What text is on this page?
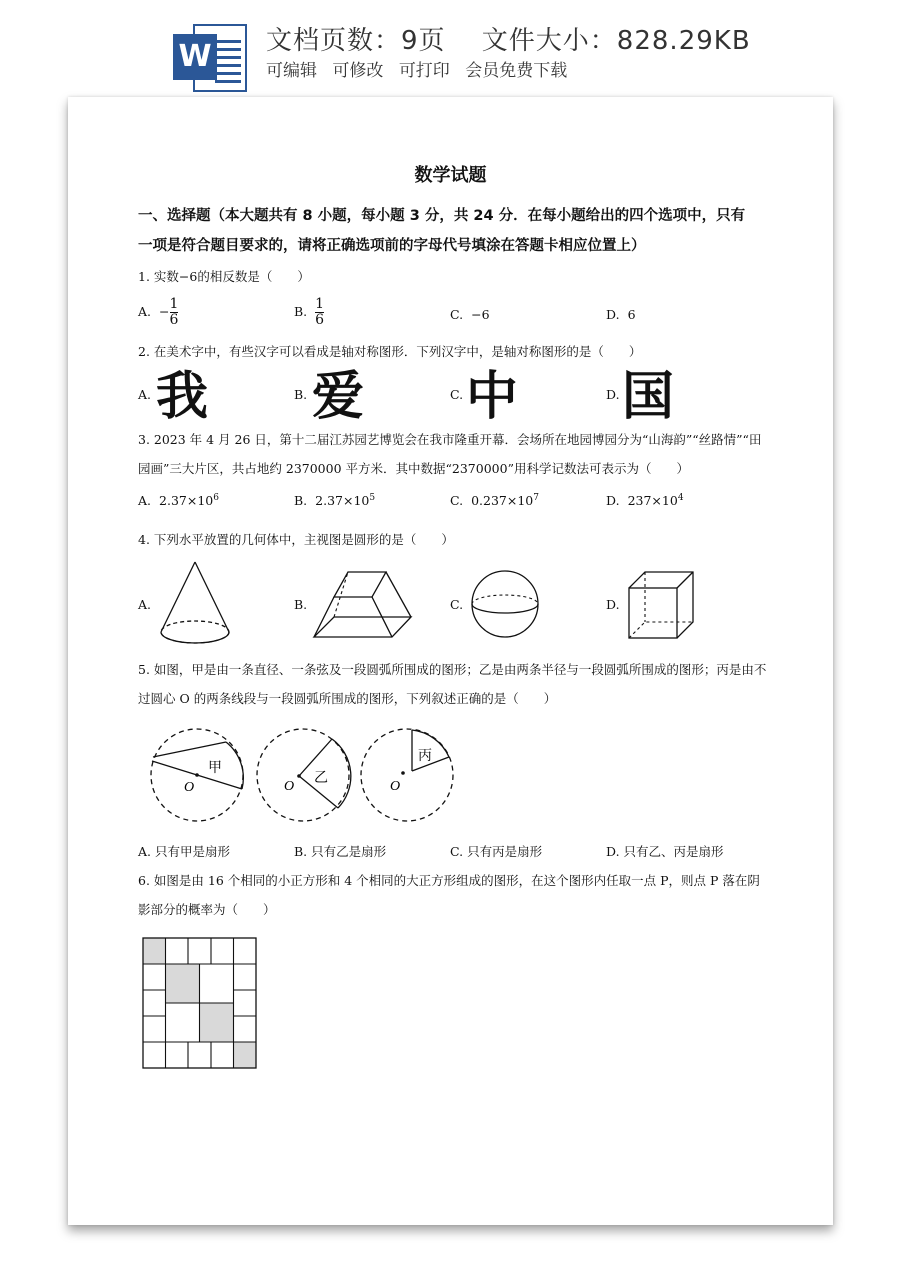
W 文档页数：9页　 文件大小：828.29KB
可编辑 可修改 可打印 会员免费下载
数学试题
一、选择题（本大题共有 8 小题，每小题 3 分，共 24 分．在每小题给出的四个选项中，只有一项是符合题目要求的，请将正确选项前的字母代号填涂在答题卡相应位置上）
1. 实数−6的相反数是（　　）
A. $-\frac{1}{6}$	B. $\frac{1}{6}$	C. −6	D. 6
2. 在美术字中，有些汉字可以看成是轴对称图形．下列汉字中，是轴对称图形的是（　　）
A. 我	B. 爱	C. 中	D. 国
3. 2023 年 4 月 26 日，第十二届江苏园艺博览会在我市隆重开幕．会场所在地园博园分为“山海韵”“丝路情”“田园画”三大片区，共占地约 2370000 平方米．其中数据“2370000”用科学记数法可表示为（　　）
A. $2.37\times 10^6$	B. $2.37\times 10^5$	C. $0.237\times 10^7$	D. $237\times 10^4$
4. 下列水平放置的几何体中，主视图是圆形的是（　　）
A.	B.	C.	D.
5. 如图，甲是由一条直径、一条弦及一段圆弧所围成的图形；乙是由两条半径与一段圆弧所围成的图形；丙是由不过圆心 O 的两条线段与一段圆弧所围成的图形，下列叙述正确的是（　　）
O
甲
O
乙
O
丙
A. 只有甲是扇形	B. 只有乙是扇形	C. 只有丙是扇形	D. 只有乙、丙是扇形
6. 如图是由 16 个相同的小正方形和 4 个相同的大正方形组成的图形，在这个图形内任取一点 P，则点 P 落在阴影部分的概率为（　　）
